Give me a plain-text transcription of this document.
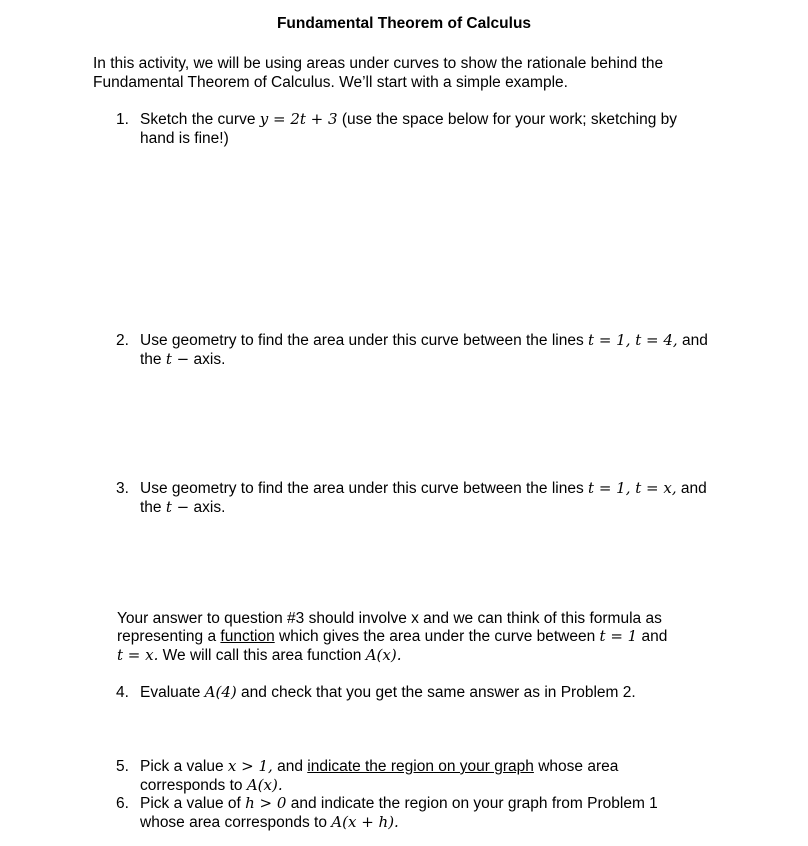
Fundamental Theorem of Calculus
In this activity, we will be using areas under curves to show the rationale behind the
Fundamental Theorem of Calculus. We’ll start with a simple example.
1. Sketch the curve y = 2t + 3 (use the space below for your work; sketching by
hand is fine!)
2. Use geometry to find the area under this curve between the lines t = 1, t = 4, and
the t − axis.
3. Use geometry to find the area under this curve between the lines t = 1, t = x, and
the t − axis.
Your answer to question #3 should involve x and we can think of this formula as
representing a function which gives the area under the curve between t = 1 and
t = x. We will call this area function A(x).
4. Evaluate A(4) and check that you get the same answer as in Problem 2.
5. Pick a value x > 1, and indicate the region on your graph whose area
corresponds to A(x).
6. Pick a value of h > 0 and indicate the region on your graph from Problem 1
whose area corresponds to A(x + h).
